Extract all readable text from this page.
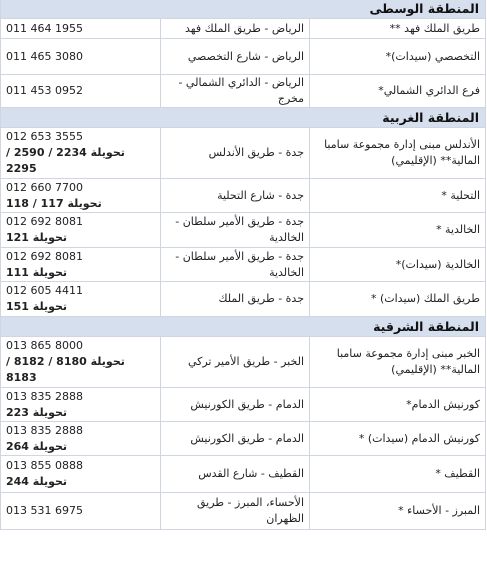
المنطقة الوسطى		
طريق الملك فهد **	الرياض - طريق الملك فهد	011 464 1955

التخصصي (سيدات)*	الرياض - شارع التخصصي	011 465 3080

فرع الدائري الشمالي*	الرياض - الدائري الشمالي - مخرج	011 453 0952

المنطقة الغربية		
الأندلس مبنى إدارة مجموعة سامبا المالية** (الإقليمي)	جدة - طريق الأندلس	012 653 3555
تحويلة 2234 / 2590 / 2295

التحلية *	جدة - شارع التحلية	012 660 7700
تحويلة 117 / 118

الخالدية *	جدة - طريق الأمير سلطان - الخالدية	012 692 8081
تحويلة 121

الخالدية (سيدات)*	جدة - طريق الأمير سلطان - الخالدية	012 692 8081
تحويلة 111

طريق الملك (سيدات) *	جدة - طريق الملك	012 605 4411
تحويلة 151

المنطقة الشرقية		
الخبر مبنى إدارة مجموعة سامبا المالية** (الإقليمي)	الخبر - طريق الأمير تركي	013 865 8000
تحويلة 8180 / 8182 / 8183

كورنيش الدمام*	الدمام - طريق الكورنيش	013 835 2888
تحويلة 223

كورنيش الدمام (سيدات) *	الدمام - طريق الكورنيش	013 835 2888
تحويلة 264

القطيف *	القطيف - شارع القدس	013 855 0888
تحويلة 244

المبرز - الأحساء *	الأحساء، المبرز - طريق الظهران	013 531 6975
